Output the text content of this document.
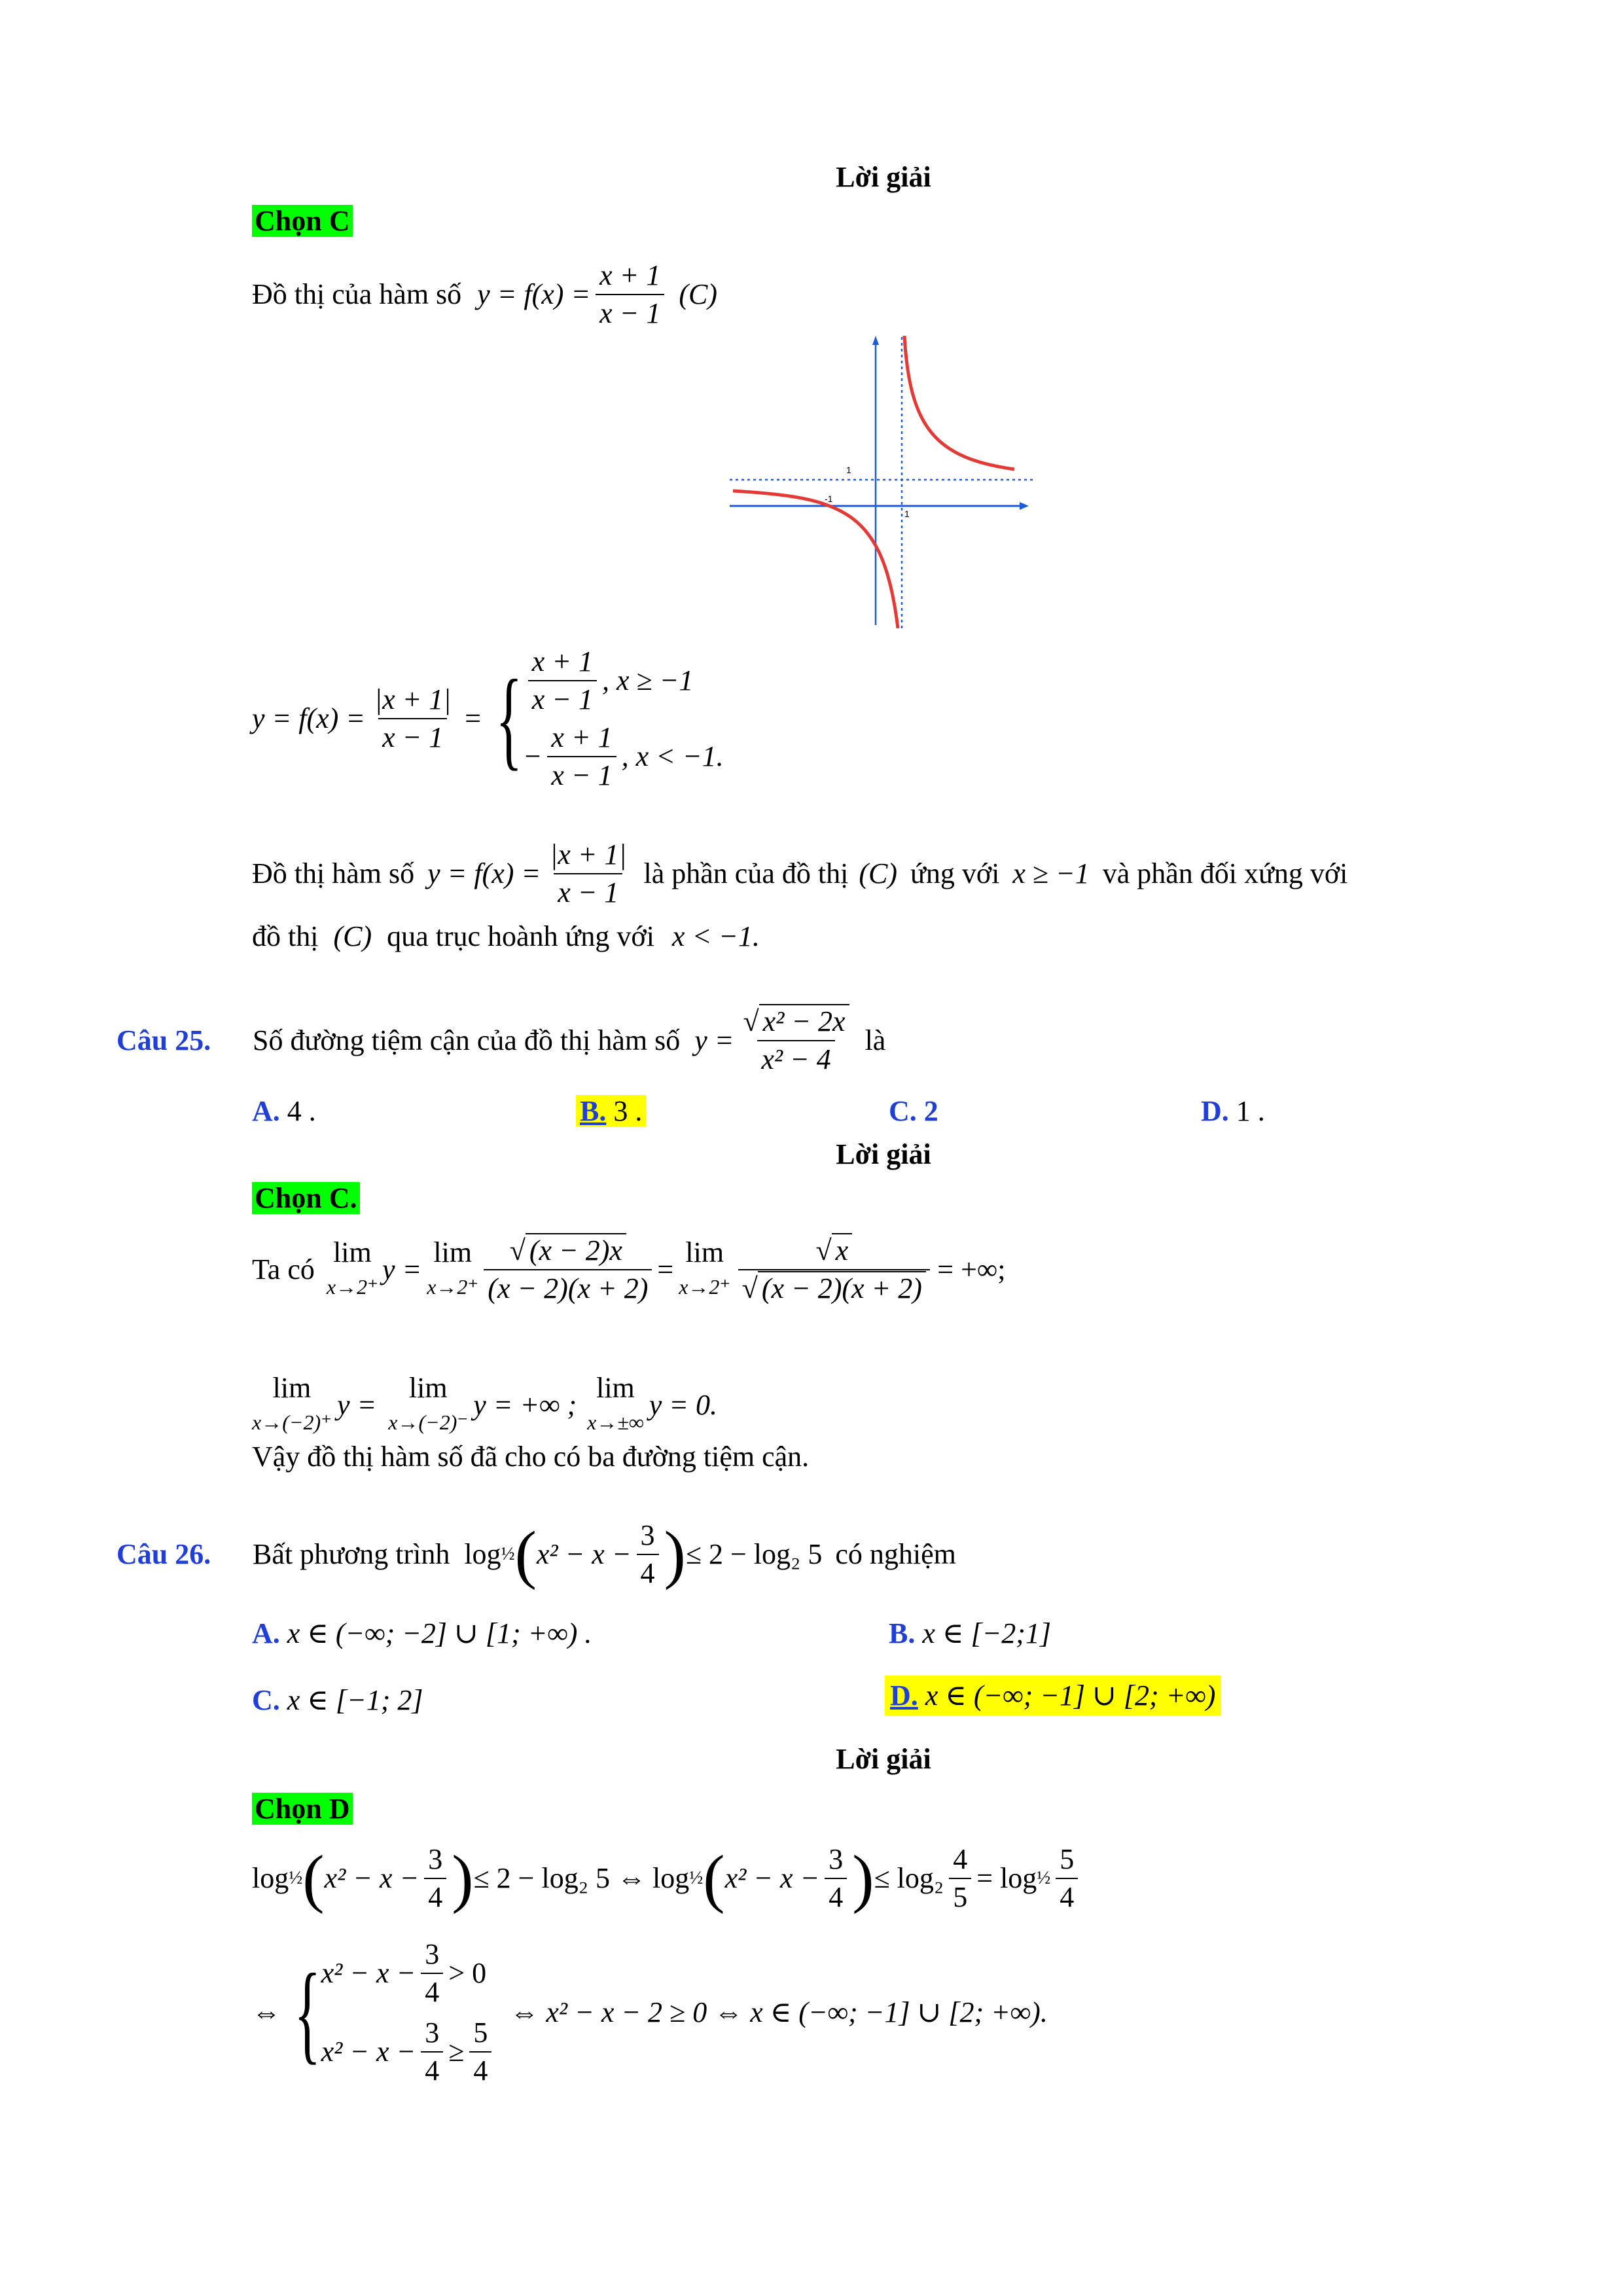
Lời giải
Chọn C
Đồ thị của hàm số $y = f(x) = \frac{x + 1}{x - 1} (C)$
1
-1
1
$y = f(x) = \frac{|x + 1|}{x - 1}$ = { $\frac{x + 1}{x - 1}$ , x ≥ −1
− $\frac{x + 1}{x - 1}$ , x < −1.
Đồ thị hàm số $y = f(x) = \frac{|x + 1|}{x - 1}$ là phần của đồ thị (C) ứng với x ≥ −1 và phần đối xứng với
đồ thị (C) qua trục hoành ứng với x < −1.
Câu 25.	Số đường tiệm cận của đồ thị hàm số $y = \frac{\text{√ x² − 2x}}{\text{x² − 4}}$ là
A. 4 .	B. 3 .	C. 2	D. 1 .
Lời giải
Chọn C.
Ta có
lim
x→2⁺
y =
lim
$x\to 2^+ \frac{√ (x - 2)x}{(x - 2)(x + 2)}$ =
lim
$x\to 2^+ \frac{√ x}{√ (x - 2)(x + 2)}$ = +∞;
lim
x→(−2)⁺
y =
lim
x→(−2)⁻
y = +∞ ;
lim
x→±∞
y = 0.
Vậy đồ thị hàm số đã cho có ba đường tiệm cận.
Câu 26.	Bất phương trình log ½ ( $x^2 - x - \frac{3}{4}$ ) ≤ 2 − log₂ 5 có nghiệm
A. x ∈ (−∞; −2] ∪ [1; +∞) .	B. x ∈ [−2;1]
C. x ∈ [−1; 2]	D. x ∈ (−∞; −1] ∪ [2; +∞)
Lời giải
Chọn D
log ½ ( $x^2 - x - \frac{3}{4}$ ) ≤ 2 − log₂ 5 ⇔ log ½ ( $x^2 - x - \frac{3}{4}$ ) ≤ $\log_2 \frac{4}{5} = \log$ ½ $\frac{5}{4}$
⇔ { $x^2 - x - \frac{3}{4} > 0$
$x^2 - x - \frac{3}{4} \ge \frac{5}{4}$
⇔ x² − x − 2 ≥ 0 ⇔ x ∈ (−∞; −1] ∪ [2; +∞).
